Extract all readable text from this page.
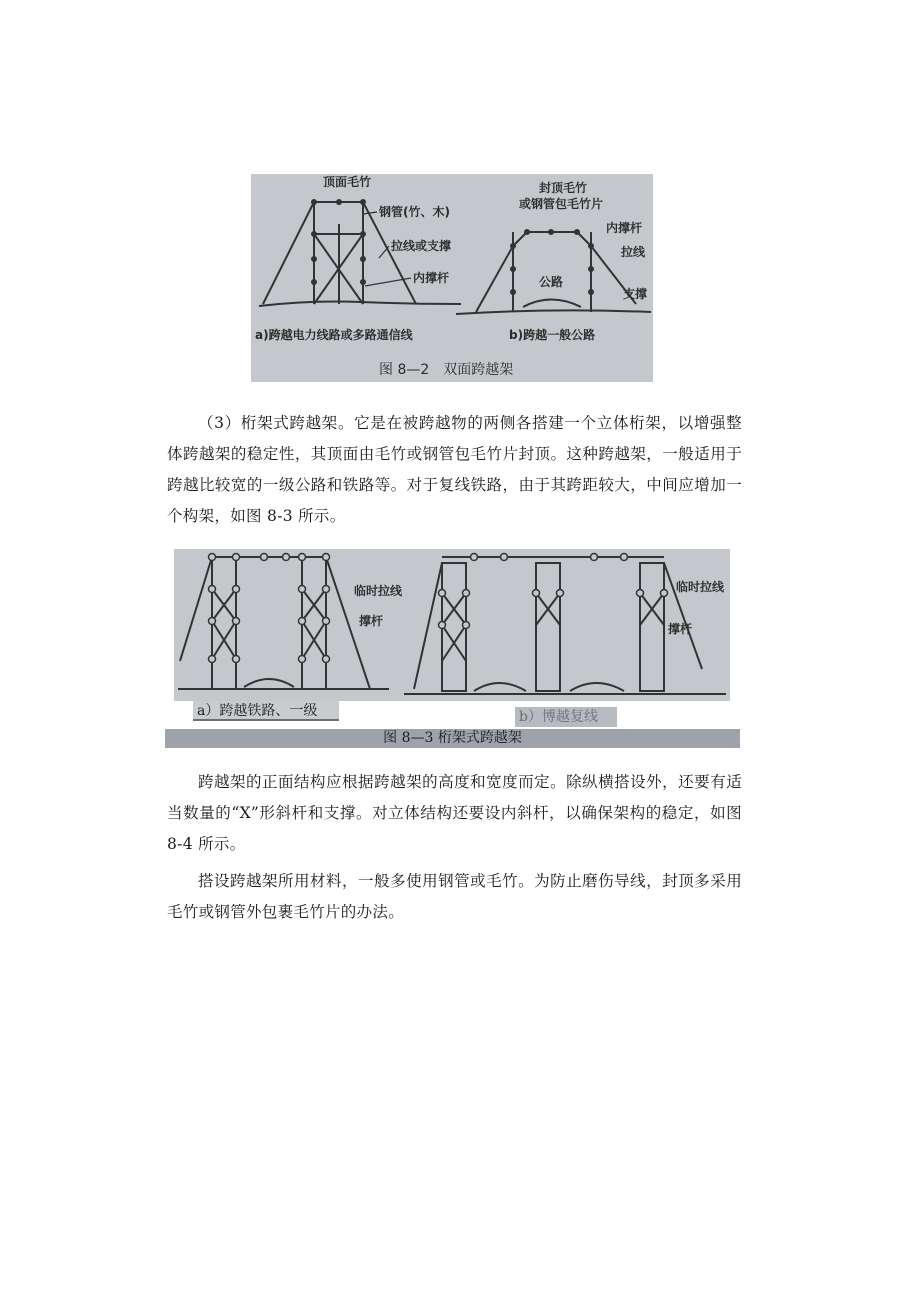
顶面毛竹
钢管(竹、木)
拉线或支撑
内撑杆
封顶毛竹
或钢管包毛竹片
内撑杆
拉线
公路
支撑
a)跨越电力线路或多路通信线	b)跨越一般公路
图 8—2　双面跨越架

（3）桁架式跨越架。它是在被跨越物的两侧各搭建一个立体桁架，以增强整体跨越架的稳定性，其顶面由毛竹或钢管包毛竹片封顶。这种跨越架，一般适用于跨越比较宽的一级公路和铁路等。对于复线铁路，由于其跨距较大，中间应增加一个构架，如图 8-3 所示。

临时拉线
撑杆
临时拉线
撑杆
a）跨越铁路、一级	b）博越复线
图 8—3 桁架式跨越架

跨越架的正面结构应根据跨越架的高度和宽度而定。除纵横搭设外，还要有适当数量的“X”形斜杆和支撑。对立体结构还要设内斜杆，以确保架构的稳定，如图 8-4 所示。

搭设跨越架所用材料，一般多使用钢管或毛竹。为防止磨伤导线，封顶多采用毛竹或钢管外包裹毛竹片的办法。
